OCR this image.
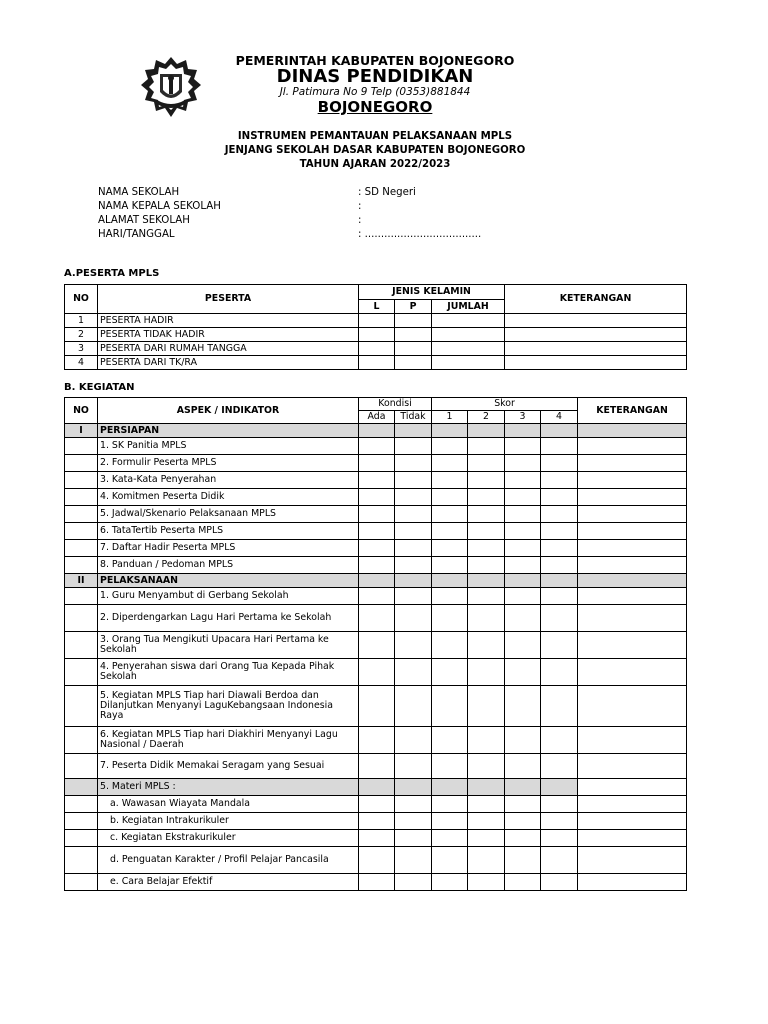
PEMERINTAH KABUPATEN BOJONEGORO
DINAS PENDIDIKAN
Jl. Patimura No 9 Telp (0353)881844
BOJONEGORO
INSTRUMEN PEMANTAUAN PELAKSANAAN MPLS
JENJANG SEKOLAH DASAR KABUPATEN BOJONEGORO
TAHUN AJARAN 2022/2023
NAMA SEKOLAH	: SD Negeri
NAMA KEPALA SEKOLAH	:
ALAMAT SEKOLAH	:
HARI/TANGGAL	: ....................................
A.PESERTA MPLS
NO	PESERTA	JENIS KELAMIN			KETERANGAN
		L	P	JUMLAH	
1	PESERTA HADIR				
2	PESERTA TIDAK HADIR				
3	PESERTA DARI RUMAH TANGGA				
4	PESERTA DARI TK/RA				
B. KEGIATAN
NO	ASPEK / INDIKATOR	Kondisi		Skor				KETERANGAN
		Ada	Tidak	1	2	3	4	
I	PERSIAPAN							
	1. SK Panitia MPLS							
	2. Formulir Peserta MPLS							
	3. Kata-Kata Penyerahan							
	4. Komitmen Peserta Didik							
	5. Jadwal/Skenario Pelaksanaan MPLS							
	6. TataTertib Peserta MPLS							
	7. Daftar Hadir Peserta MPLS							
	8. Panduan / Pedoman MPLS							
II	PELAKSANAAN							
	1. Guru Menyambut di Gerbang Sekolah							
	2. Diperdengarkan Lagu Hari Pertama ke Sekolah							
	3. Orang Tua Mengikuti Upacara Hari Pertama ke Sekolah							
	4. Penyerahan siswa dari Orang Tua Kepada Pihak Sekolah							
	5. Kegiatan MPLS Tiap hari Diawali Berdoa dan Dilanjutkan Menyanyi LaguKebangsaan Indonesia Raya							
	6. Kegiatan MPLS Tiap hari Diakhiri Menyanyi Lagu Nasional / Daerah							
	7. Peserta Didik Memakai Seragam yang Sesuai							
	5. Materi MPLS :							
	a. Wawasan Wiayata Mandala							
	b. Kegiatan Intrakurikuler							
	c. Kegiatan Ekstrakurikuler							
	d. Penguatan Karakter / Profil Pelajar Pancasila							
	e. Cara Belajar Efektif							
